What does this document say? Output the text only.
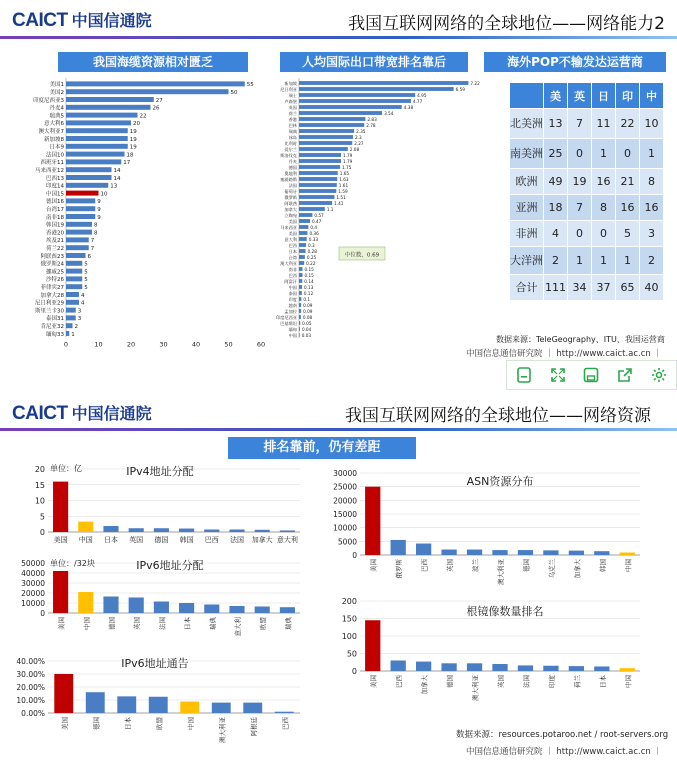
CAICT 中国信通院	我国互联网网络的全球地位——网络能力2
我国海缆资源相对匮乏	人均国际出口带宽排名靠后	海外POP不输发达运营商
美国1	55
美国2	50
印度尼西亚3	27
丹麦4	26
瑞典5	22
意大利6	20
澳大利亚7	19
新加坡8	19
日本9	19
法国10	18
西班牙11	17
马来西亚12	14
巴西13	14
印度14	13
中国15	10
德国16	9
台湾17	9
南非18	9
韩国19	8
香港20	8
埃及21	7
荷兰22	7
阿联酋23	6
俄罗斯24	5
挪威25	5
沙特26	5
菲律宾27	5
加拿大28	4
尼日利亚29	4
斯里兰卡30	3
泰国31	3
肯尼亚32 2
缅甸33 1
0	10	20	30	40	50	60
新加坡	7.22
尼日利亚	6.59
瑞士	4.95
卢森堡	4.77
英国	4.38
荷兰	3.54
香港	2.83
巴林	2.78
瑞典	2.35
冰岛	2.3
比利时	2.27
爱尔兰	2.08
斯洛伐克	1.79
丹麦	1.79
德国	1.75
奥地利	1.65
塞浦路斯	1.63
法国	1.61
葡萄牙	1.59
俄罗斯	1.51
阿联酋	1.41
加拿大	1.1
立陶宛	0.57
美国	0.47
马来西亚	0.4
美国	0.36
意大利	0.33
巴西	0.3
日本	0.28
台湾 0.25
澳大利亚 0.22
南非 0.15
巴西 0.15
阿富汗 0.14
中国 0.13
泰国 0.12
印度 0.1
越南 0.09
孟加拉 0.09
印度尼西亚 0.08
巴基斯坦 0.05
缅甸 0.04
中国 0.03
中位数，0.69
	美	英	日	印	中
北美洲	13	7	11	22	10
南美洲	25	0	1	0	1
欧洲	49	19	16	21	8
亚洲	18	7	8	16	16
非洲	4	0	0	5	3
大洋洲	2	1	1	1	2
合计	111	34	37	65	40
数据来源：TeleGeography、ITU、我国运营商
中国信息通信研究院 ｜ http://www.caict.ac.cn ｜
CAICT 中国信通院	我国互联网网络的全球地位——网络资源
排名靠前，仍有差距
0
5
10
15
20
美国 中国 日本 英国 德国 韩国 巴西 法国 加拿大 意大利
IPv4地址分配
单位：亿
0
10000
20000
30000
40000
50000
美国	中国	德国	英国	法国	日本	瑞典	意大利	欧盟	瑞典
IPv6地址分配
单位：/32块
0.00%
10.00%
20.00%
30.00%
40.00%
美国	德国	日本	欧盟	中国	澳大利亚	阿根廷	巴西
IPv6地址通告
0
5000
10000
15000
20000
25000
30000
美国	俄罗斯	巴西	英国	波兰	澳大利亚	德国	乌克兰	加拿大	韩国	中国
ASN资源分布
0
50
100
150
200
美国	巴西	加拿大	德国	澳大利亚	英国	法国	印度	荷兰	日本	中国
根镜像数量排名
数据来源：resources.potaroo.net / root-servers.org
中国信息通信研究院 ｜ http://www.caict.ac.cn ｜
